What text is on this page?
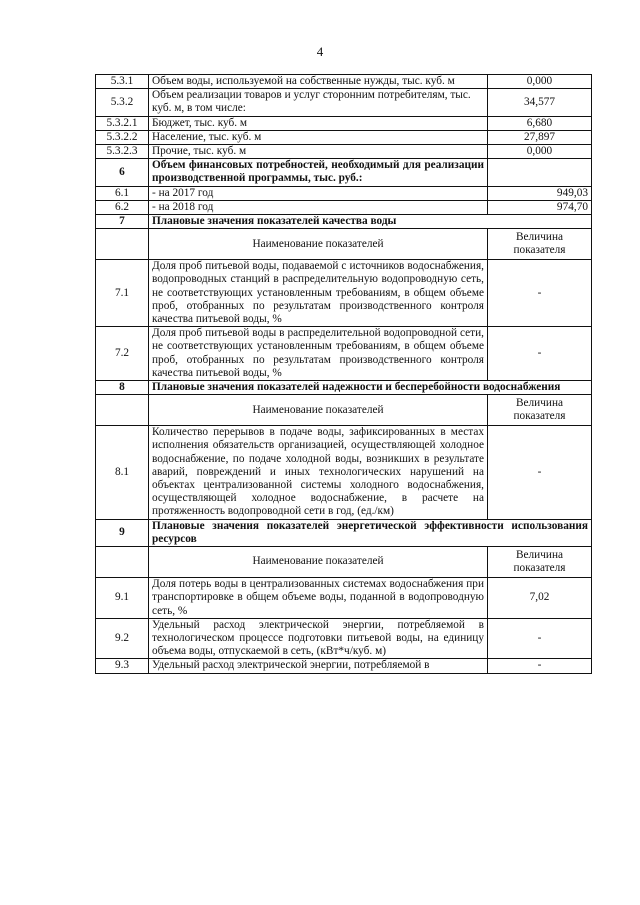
4
5.3.1	Объем воды, используемой на собственные нужды, тыс. куб. м	0,000
5.3.2	Объем реализации товаров и услуг сторонним потребителям, тыс. куб. м, в том числе:	34,577
5.3.2.1	Бюджет, тыс. куб. м	6,680
5.3.2.2	Население, тыс. куб. м	27,897
5.3.2.3	Прочие, тыс. куб. м	0,000
6	Объем финансовых потребностей, необходимый для реализации производственной программы, тыс. руб.:	
6.1	- на 2017 год	949,03
6.2	- на 2018 год	974,70
7	Плановые значения показателей качества воды	
	Наименование показателей	Величина показателя
7.1	Доля проб питьевой воды, подаваемой с источников водоснабжения, водопроводных станций в распределительную водопроводную сеть, не соответствующих установленным требованиям, в общем объеме проб, отобранных по результатам производственного контроля качества питьевой воды, %	-
7.2	Доля проб питьевой воды в распределительной водопроводной сети, не соответствующих установленным требованиям, в общем объеме проб, отобранных по результатам производственного контроля качества питьевой воды, %	-
8	Плановые значения показателей надежности и бесперебойности водоснабжения	
	Наименование показателей	Величина показателя
8.1	Количество перерывов в подаче воды, зафиксированных в местах исполнения обязательств организацией, осуществляющей холодное водоснабжение, по подаче холодной воды, возникших в результате аварий, повреждений и иных технологических нарушений на объектах централизованной системы холодного водоснабжения, осуществляющей холодное водоснабжение, в расчете на протяженность водопроводной сети в год, (ед./км)	-
9	Плановые значения показателей энергетической эффективности использования ресурсов	
	Наименование показателей	Величина показателя
9.1	Доля потерь воды в централизованных системах водоснабжения при транспортировке в общем объеме воды, поданной в водопроводную сеть, %	7,02
9.2	Удельный расход электрической энергии, потребляемой в технологическом процессе подготовки питьевой воды, на единицу объема воды, отпускаемой в сеть, (кВт*ч/куб. м)	-
9.3	Удельный расход электрической энергии, потребляемой в	-
